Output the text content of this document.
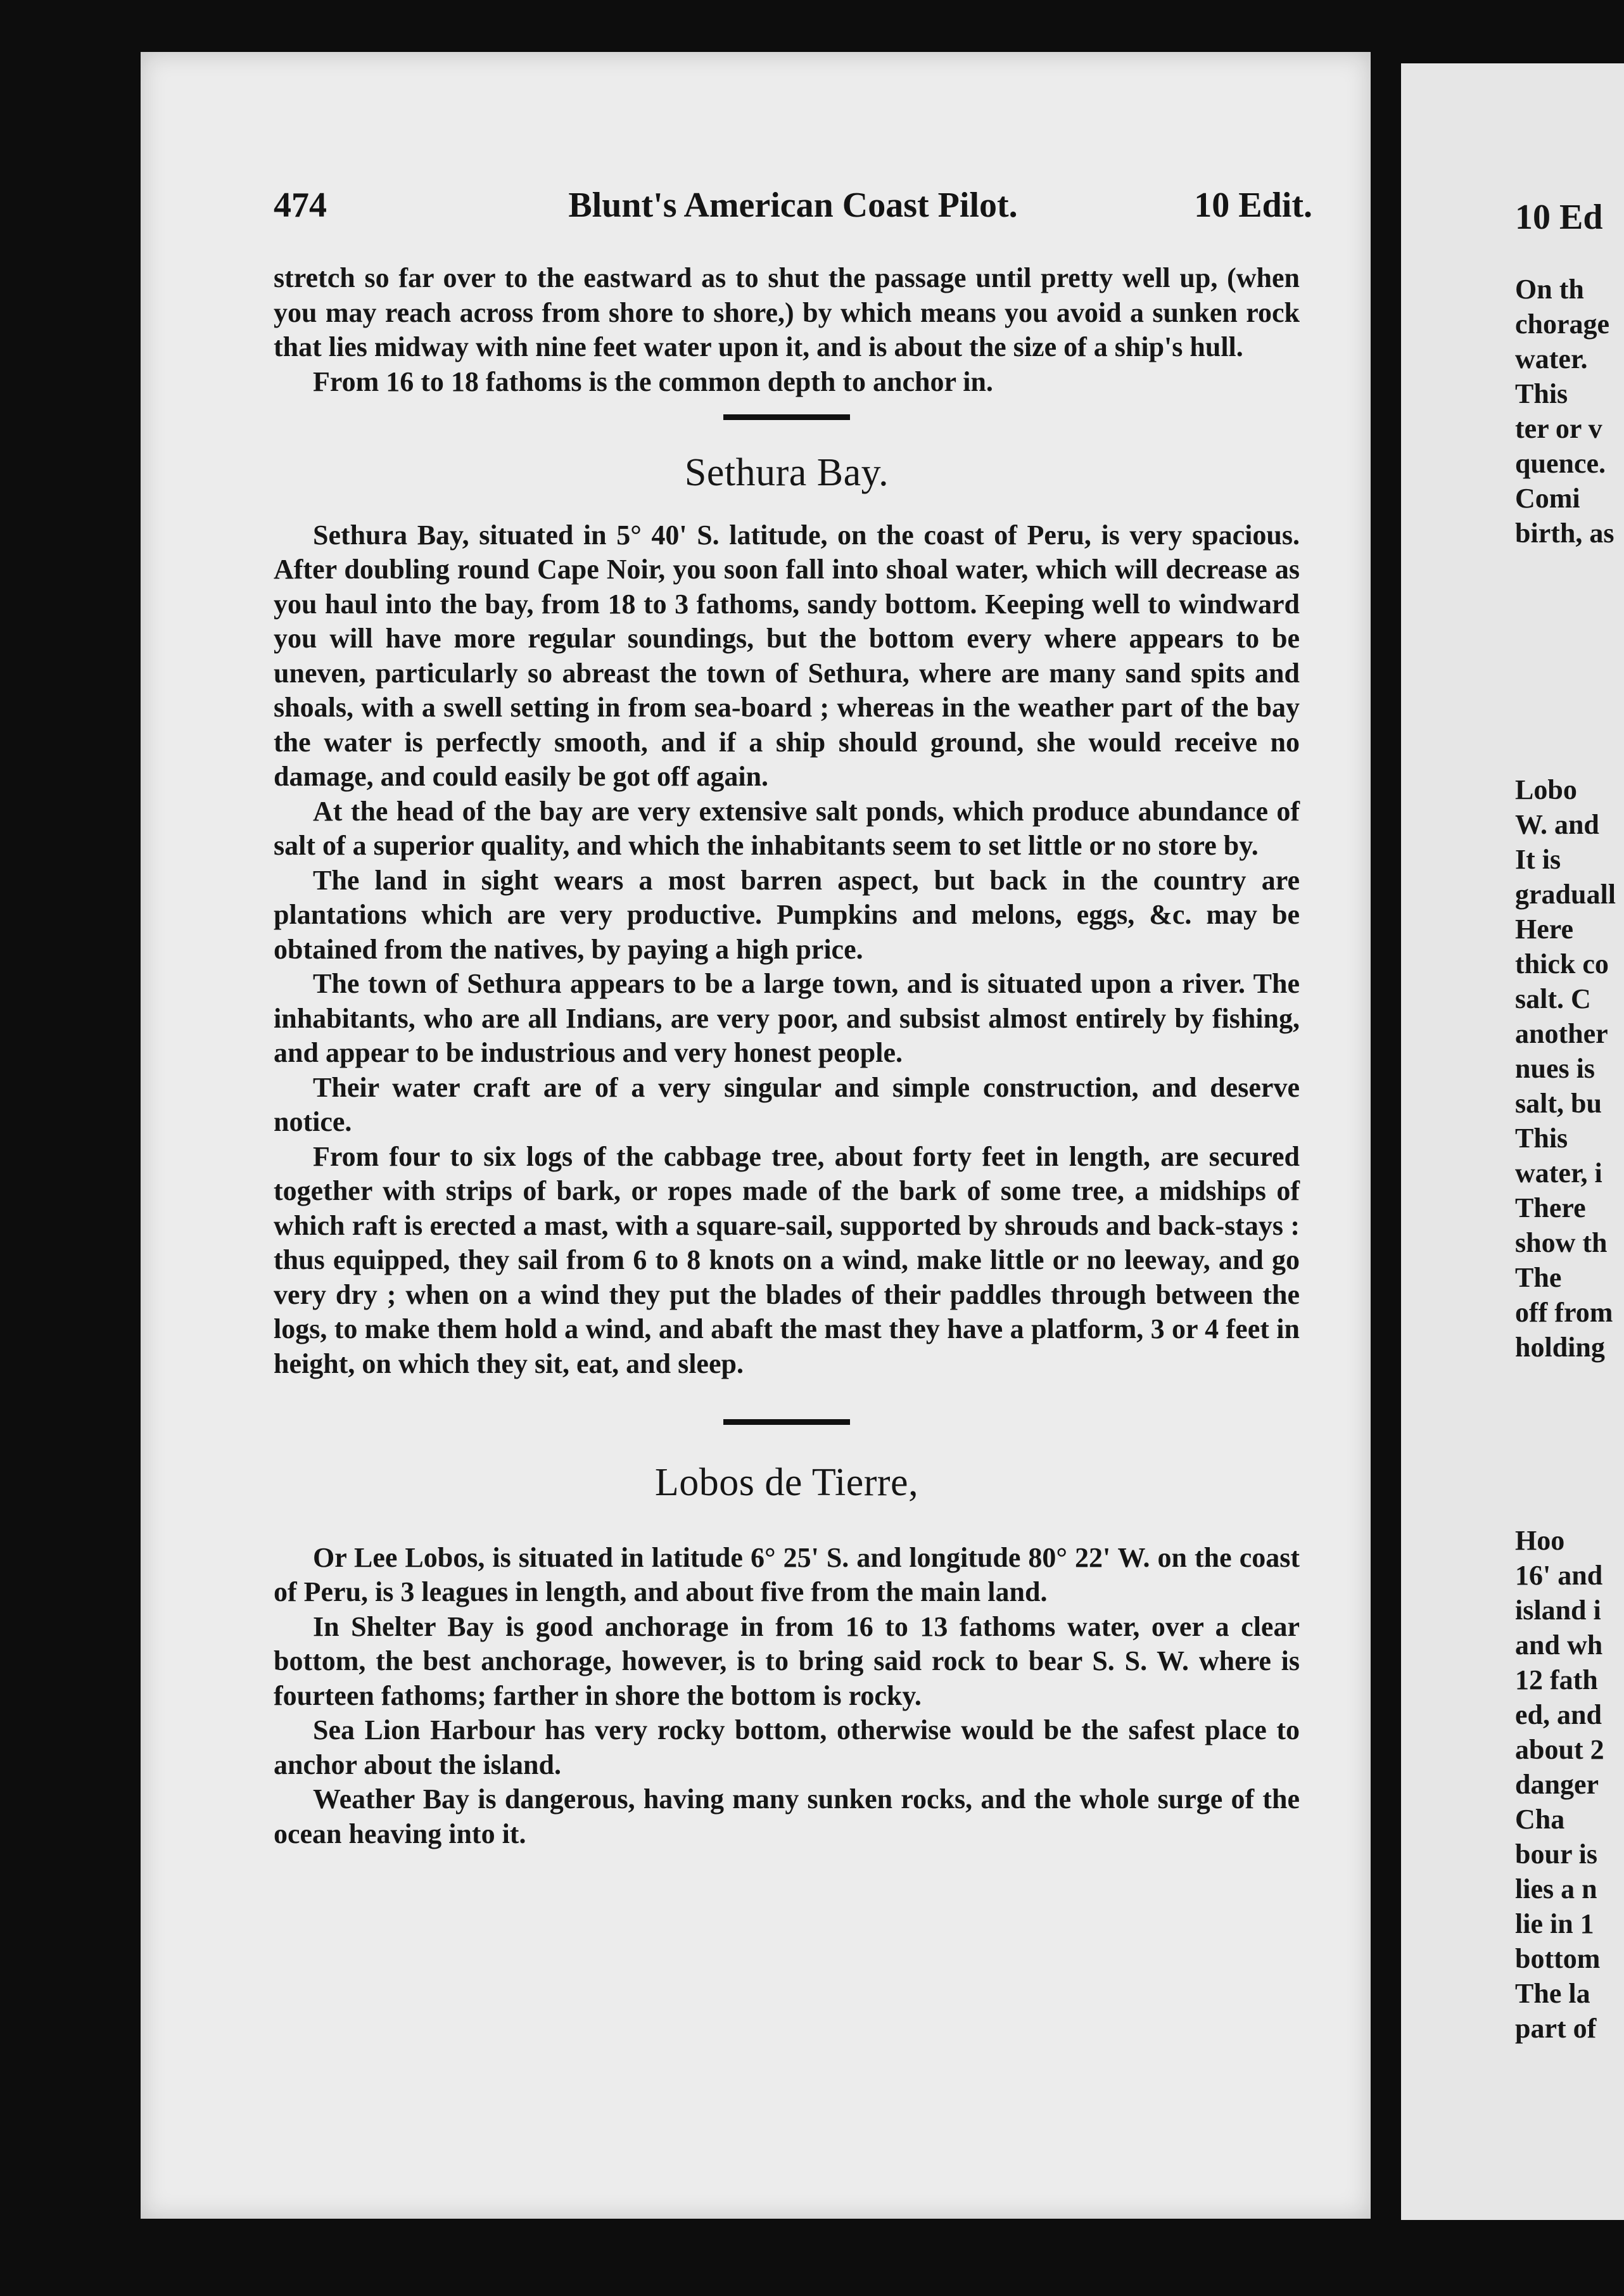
474	Blunt's American Coast Pilot.	10 Edit.

stretch so far over to the eastward as to shut the passage until pretty well up, (when you may reach across from shore to shore,) by which means you avoid a sunken rock that lies midway with nine feet water upon it, and is about the size of a ship's hull.

From 16 to 18 fathoms is the common depth to anchor in.

Sethura Bay.

Sethura Bay, situated in 5° 40' S. latitude, on the coast of Peru, is very spacious. After doubling round Cape Noir, you soon fall into shoal water, which will decrease as you haul into the bay, from 18 to 3 fathoms, sandy bottom. Keeping well to windward you will have more regular soundings, but the bottom every where appears to be uneven, particularly so abreast the town of Sethura, where are many sand spits and shoals, with a swell setting in from sea-board ; whereas in the weather part of the bay the water is perfectly smooth, and if a ship should ground, she would receive no damage, and could easily be got off again.

At the head of the bay are very extensive salt ponds, which produce abundance of salt of a superior quality, and which the inhabitants seem to set little or no store by.

The land in sight wears a most barren aspect, but back in the country are plantations which are very productive. Pumpkins and melons, eggs, &c. may be obtained from the natives, by paying a high price.

The town of Sethura appears to be a large town, and is situated upon a river. The inhabitants, who are all Indians, are very poor, and subsist almost entirely by fishing, and appear to be industrious and very honest people.

Their water craft are of a very singular and simple construction, and deserve notice.

From four to six logs of the cabbage tree, about forty feet in length, are secured together with strips of bark, or ropes made of the bark of some tree, a midships of which raft is erected a mast, with a square-sail, supported by shrouds and back-stays : thus equipped, they sail from 6 to 8 knots on a wind, make little or no leeway, and go very dry ; when on a wind they put the blades of their paddles through between the logs, to make them hold a wind, and abaft the mast they have a platform, 3 or 4 feet in height, on which they sit, eat, and sleep.

Lobos de Tierre,

Or Lee Lobos, is situated in latitude 6° 25' S. and longitude 80° 22' W. on the coast of Peru, is 3 leagues in length, and about five from the main land.

In Shelter Bay is good anchorage in from 16 to 13 fathoms water, over a clear bottom, the best anchorage, however, is to bring said rock to bear S. S. W. where is fourteen fathoms; farther in shore the bottom is rocky.

Sea Lion Harbour has very rocky bottom, otherwise would be the safest place to anchor about the island.

Weather Bay is dangerous, having many sunken rocks, and the whole surge of the ocean heaving into it.

10 Ed
On th
chorage
water.
This
ter or v
quence.
Comi
birth, as
Lobo
W. and
It is
graduall
Here
thick co
salt. C
another
nues is
salt, bu
This
water, i
There
show th
The
off from
holding
Hoo
16' and
island i
and wh
12 fath
ed, and
about 2
danger
Cha
bour is
lies a n
lie in 1
bottom
The la
part of
